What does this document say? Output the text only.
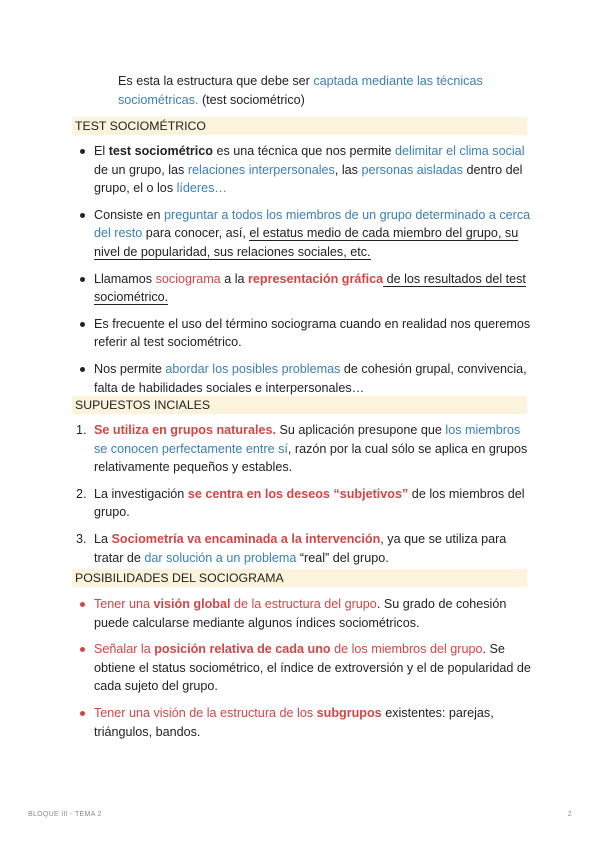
Es esta la estructura que debe ser captada mediante las técnicas sociométricas. (test sociométrico)

TEST SOCIOMÉTRICO
El test sociométrico es una técnica que nos permite delimitar el clima social de un grupo, las relaciones interpersonales, las personas aisladas dentro del grupo, el o los líderes…
Consiste en preguntar a todos los miembros de un grupo determinado a cerca del resto para conocer, así, el estatus medio de cada miembro del grupo, su nivel de popularidad, sus relaciones sociales, etc.
Llamamos sociograma a la representación gráfica de los resultados del test sociométrico.
Es frecuente el uso del término sociograma cuando en realidad nos queremos referir al test sociométrico.
Nos permite abordar los posibles problemas de cohesión grupal, convivencia, falta de habilidades sociales e interpersonales…
SUPUESTOS INCIALES
1. Se utiliza en grupos naturales. Su aplicación presupone que los miembros se conocen perfectamente entre sí, razón por la cual sólo se aplica en grupos relativamente pequeños y estables.
2. La investigación se centra en los deseos “subjetivos” de los miembros del grupo.
3. La Sociometría va encaminada a la intervención, ya que se utiliza para tratar de dar solución a un problema “real” del grupo.
POSIBILIDADES DEL SOCIOGRAMA
Tener una visión global de la estructura del grupo. Su grado de cohesión puede calcularse mediante algunos índices sociométricos.
Señalar la posición relativa de cada uno de los miembros del grupo. Se obtiene el status sociométrico, el índice de extroversión y el de popularidad de cada sujeto del grupo.
Tener una visión de la estructura de los subgrupos existentes: parejas, triángulos, bandos.
BLOQUE III - TEMA 2	2
